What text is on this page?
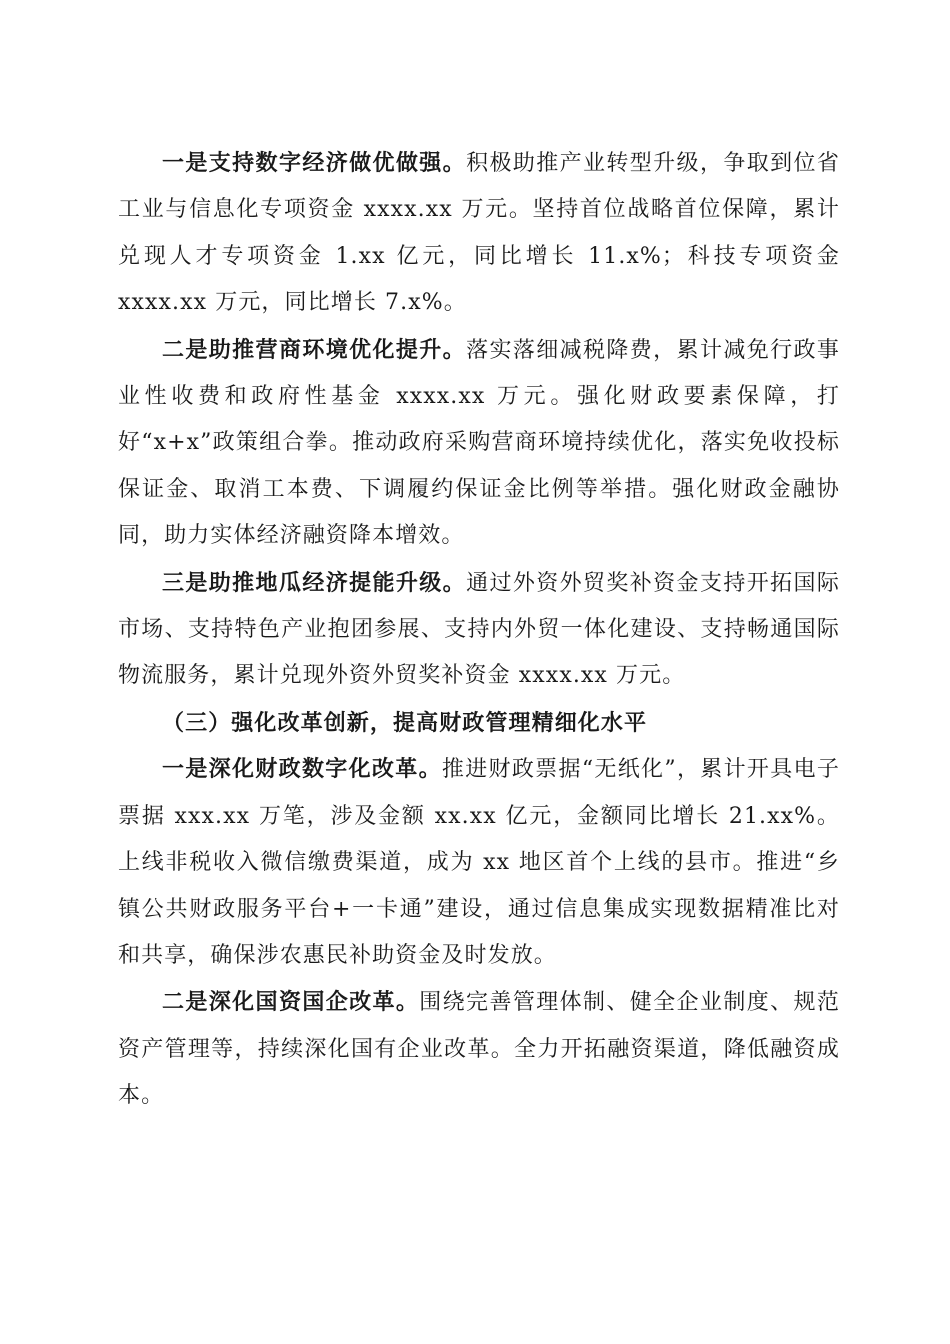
一是支持数字经济做优做强。积极助推产业转型升级，争取到位省工业与信息化专项资金 xxxx.xx 万元。坚持首位战略首位保障，累计兑现人才专项资金 1.xx 亿元，同比增长 11.x%；科技专项资金 xxxx.xx 万元，同比增长 7.x%。

二是助推营商环境优化提升。落实落细减税降费，累计减免行政事业性收费和政府性基金 xxxx.xx 万元。强化财政要素保障，打好“x+x”政策组合拳。推动政府采购营商环境持续优化，落实免收投标保证金、取消工本费、下调履约保证金比例等举措。强化财政金融协同，助力实体经济融资降本增效。

三是助推地瓜经济提能升级。通过外资外贸奖补资金支持开拓国际市场、支持特色产业抱团参展、支持内外贸一体化建设、支持畅通国际物流服务，累计兑现外资外贸奖补资金 xxxx.xx 万元。

（三）强化改革创新，提高财政管理精细化水平

一是深化财政数字化改革。推进财政票据“无纸化”，累计开具电子票据 xxx.xx 万笔，涉及金额 xx.xx 亿元，金额同比增长 21.xx%。上线非税收入微信缴费渠道，成为 xx 地区首个上线的县市。推进“乡镇公共财政服务平台+一卡通”建设，通过信息集成实现数据精准比对和共享，确保涉农惠民补助资金及时发放。

二是深化国资国企改革。围绕完善管理体制、健全企业制度、规范资产管理等，持续深化国有企业改革。全力开拓融资渠道，降低融资成本。
